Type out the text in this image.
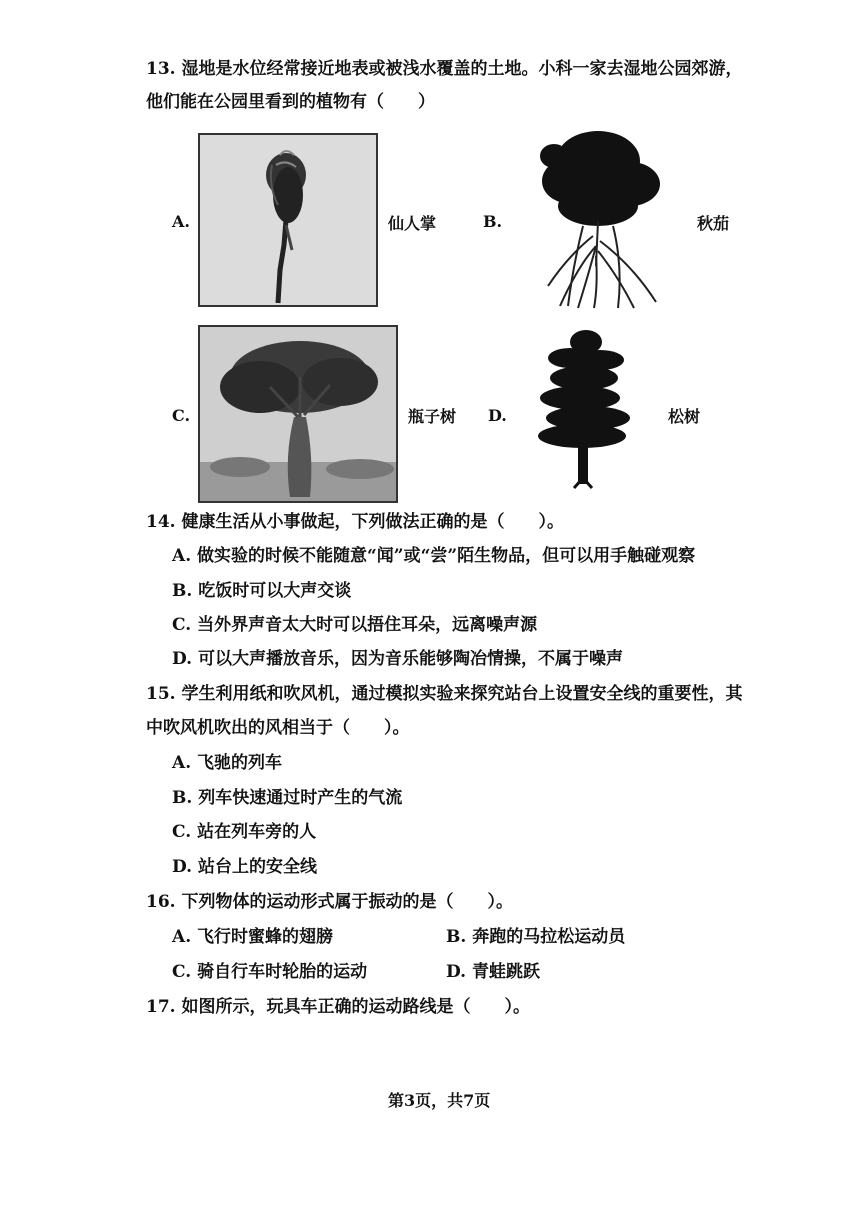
13. 湿地是水位经常接近地表或被浅水覆盖的土地。小科一家去湿地公园郊游，
他们能在公园里看到的植物有（　　）
A.	仙人掌	B.	秋茄
C.	瓶子树 D.	松树
14. 健康生活从小事做起，下列做法正确的是（　　）。
A. 做实验的时候不能随意“闻”或“尝”陌生物品，但可以用手触碰观察
B. 吃饭时可以大声交谈
C. 当外界声音太大时可以捂住耳朵，远离噪声源
D. 可以大声播放音乐，因为音乐能够陶冶情操，不属于噪声
15. 学生利用纸和吹风机，通过模拟实验来探究站台上设置安全线的重要性，其
中吹风机吹出的风相当于（　　）。
A. 飞驰的列车
B. 列车快速通过时产生的气流
C. 站在列车旁的人
D. 站台上的安全线
16. 下列物体的运动形式属于振动的是（　　）。
A. 飞行时蜜蜂的翅膀	B. 奔跑的马拉松运动员
C. 骑自行车时轮胎的运动	D. 青蛙跳跃
17. 如图所示，玩具车正确的运动路线是（　　）。
第3页，共7页
